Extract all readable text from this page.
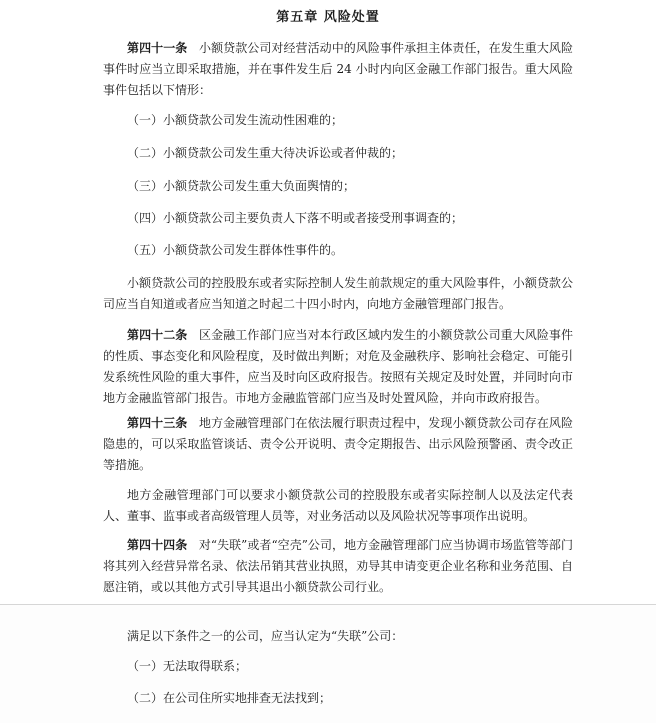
第五章 风险处置

第四十一条 小额贷款公司对经营活动中的风险事件承担主体责任，在发生重大风险事件时应当立即采取措施，并在事件发生后 24 小时内向区金融工作部门报告。重大风险事件包括以下情形：

（一）小额贷款公司发生流动性困难的；

（二）小额贷款公司发生重大待决诉讼或者仲裁的；

（三）小额贷款公司发生重大负面舆情的；

（四）小额贷款公司主要负责人下落不明或者接受刑事调查的；

（五）小额贷款公司发生群体性事件的。

小额贷款公司的控股股东或者实际控制人发生前款规定的重大风险事件，小额贷款公司应当自知道或者应当知道之时起二十四小时内，向地方金融管理部门报告。

第四十二条 区金融工作部门应当对本行政区域内发生的小额贷款公司重大风险事件的性质、事态变化和风险程度，及时做出判断；对危及金融秩序、影响社会稳定、可能引发系统性风险的重大事件，应当及时向区政府报告。按照有关规定及时处置，并同时向市地方金融监管部门报告。市地方金融监管部门应当及时处置风险，并向市政府报告。

第四十三条 地方金融管理部门在依法履行职责过程中，发现小额贷款公司存在风险隐患的，可以采取监管谈话、责令公开说明、责令定期报告、出示风险预警函、责令改正等措施。

地方金融管理部门可以要求小额贷款公司的控股股东或者实际控制人以及法定代表人、董事、监事或者高级管理人员等，对业务活动以及风险状况等事项作出说明。

第四十四条 对“失联”或者“空壳”公司，地方金融管理部门应当协调市场监管等部门将其列入经营异常名录、依法吊销其营业执照，劝导其申请变更企业名称和业务范围、自愿注销，或以其他方式引导其退出小额贷款公司行业。

满足以下条件之一的公司，应当认定为“失联”公司：

（一）无法取得联系；

（二）在公司住所实地排查无法找到；
